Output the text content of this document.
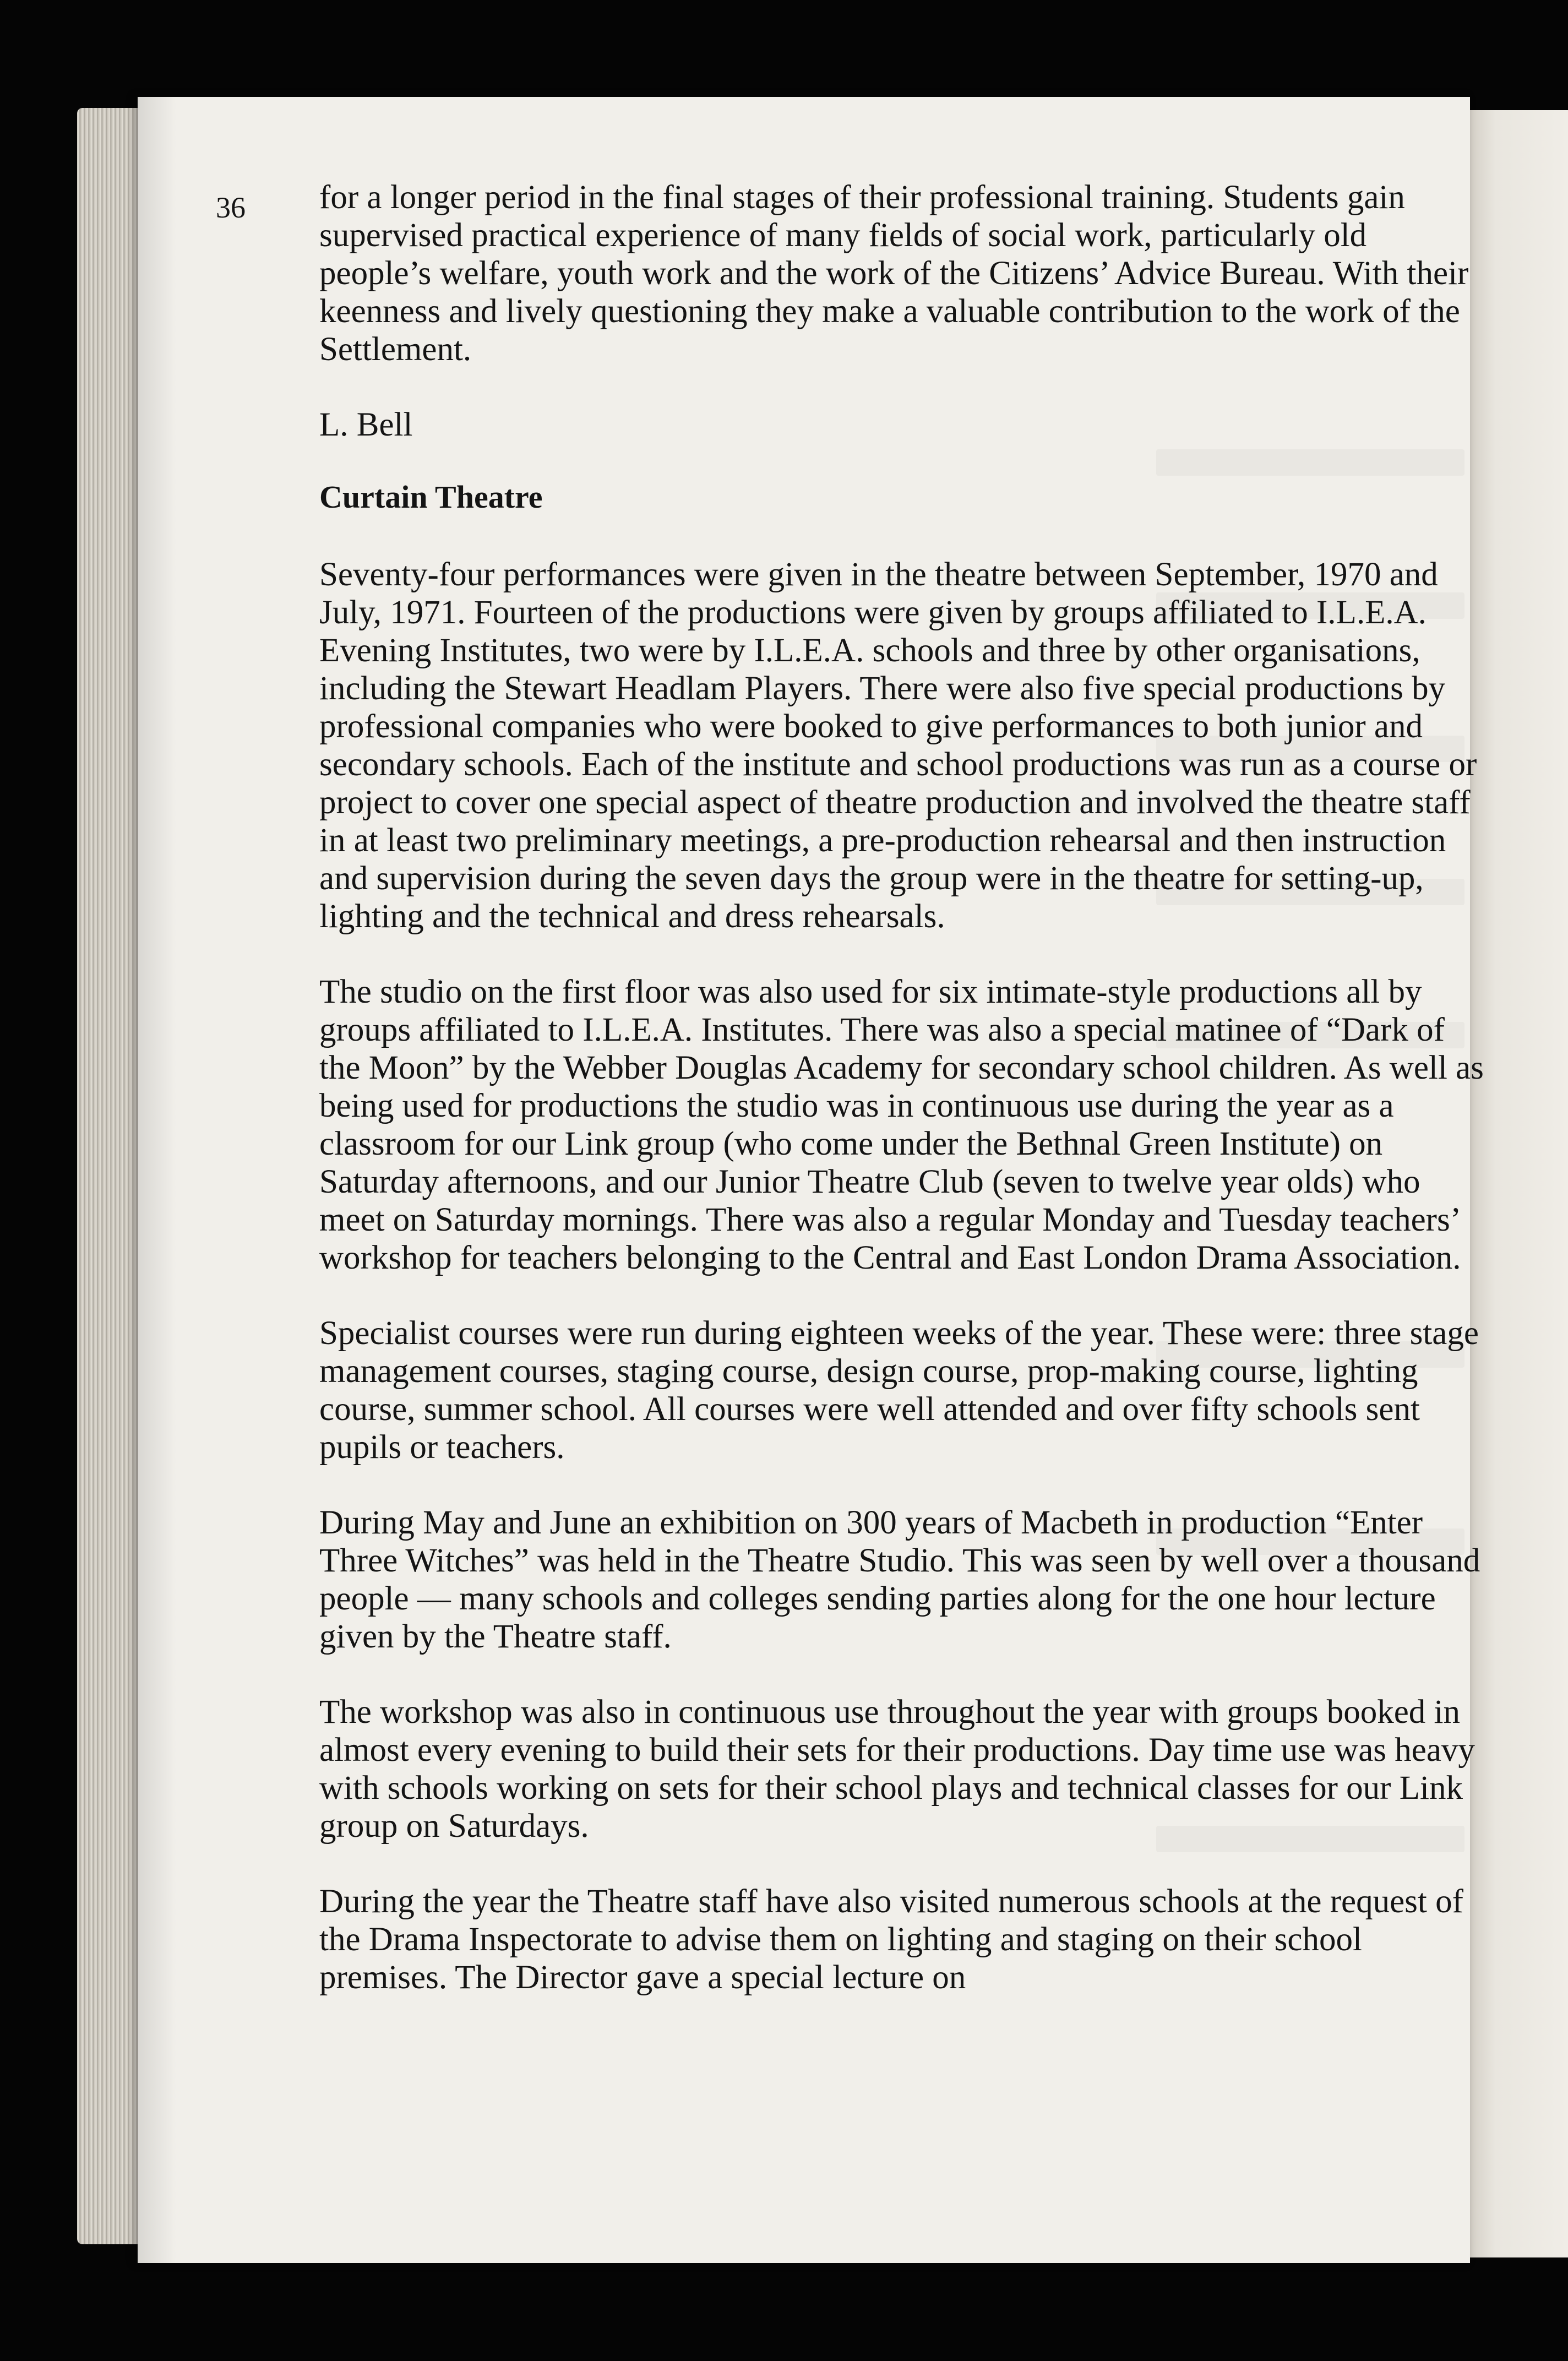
36 for a longer period in the final stages of their professional training. Students gain supervised practical experience of many fields of social work, particularly old people’s welfare, youth work and the work of the Citizens’ Advice Bureau. With their keenness and lively questioning they make a valuable contribution to the work of the Settlement.

L. Bell

Curtain Theatre

Seventy-four performances were given in the theatre between September, 1970 and July, 1971. Fourteen of the productions were given by groups affiliated to I.L.E.A. Evening Institutes, two were by I.L.E.A. schools and three by other organisations, including the Stewart Headlam Players. There were also five special productions by professional companies who were booked to give performances to both junior and secondary schools. Each of the institute and school productions was run as a course or project to cover one special aspect of theatre production and involved the theatre staff in at least two preliminary meetings, a pre-production rehearsal and then instruction and supervision during the seven days the group were in the theatre for setting-up, lighting and the technical and dress rehearsals.

The studio on the first floor was also used for six intimate-style productions all by groups affiliated to I.L.E.A. Institutes. There was also a special matinee of “Dark of the Moon” by the Webber Douglas Academy for secondary school children. As well as being used for productions the studio was in continuous use during the year as a classroom for our Link group (who come under the Bethnal Green Institute) on Saturday afternoons, and our Junior Theatre Club (seven to twelve year olds) who meet on Saturday mornings. There was also a regular Monday and Tuesday teachers’ workshop for teachers belonging to the Central and East London Drama Association.

Specialist courses were run during eighteen weeks of the year. These were: three stage management courses, staging course, design course, prop-making course, lighting course, summer school. All courses were well attended and over fifty schools sent pupils or teachers.

During May and June an exhibition on 300 years of Macbeth in production “Enter Three Witches” was held in the Theatre Studio. This was seen by well over a thousand people — many schools and colleges sending parties along for the one hour lecture given by the Theatre staff.

The workshop was also in continuous use throughout the year with groups booked in almost every evening to build their sets for their productions. Day time use was heavy with schools working on sets for their school plays and technical classes for our Link group on Saturdays.

During the year the Theatre staff have also visited numerous schools at the request of the Drama Inspectorate to advise them on lighting and staging on their school premises. The Director gave a special lecture on
